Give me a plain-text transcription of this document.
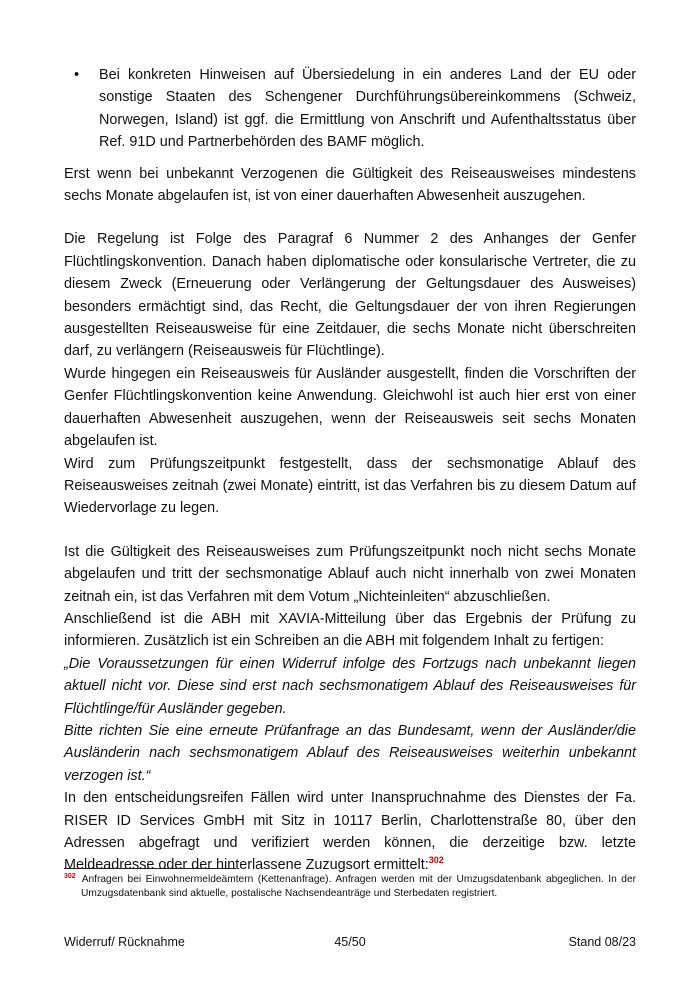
• Bei konkreten Hinweisen auf Übersiedelung in ein anderes Land der EU oder sonstige Staaten des Schengener Durchführungsübereinkommens (Schweiz, Norwegen, Island) ist ggf. die Ermittlung von Anschrift und Aufenthaltsstatus über Ref. 91D und Partnerbehörden des BAMF möglich.

Erst wenn bei unbekannt Verzogenen die Gültigkeit des Reiseausweises mindestens sechs Monate abgelaufen ist, ist von einer dauerhaften Abwesenheit auszugehen.

Die Regelung ist Folge des Paragraf 6 Nummer 2 des Anhanges der Genfer Flüchtlingskonvention. Danach haben diplomatische oder konsularische Vertreter, die zu diesem Zweck (Erneuerung oder Verlängerung der Geltungsdauer des Ausweises) besonders ermächtigt sind, das Recht, die Geltungsdauer der von ihren Regierungen ausgestellten Reiseausweise für eine Zeitdauer, die sechs Monate nicht überschreiten darf, zu verlängern (Reiseausweis für Flüchtlinge).

Wurde hingegen ein Reiseausweis für Ausländer ausgestellt, finden die Vorschriften der Genfer Flüchtlingskonvention keine Anwendung. Gleichwohl ist auch hier erst von einer dauerhaften Abwesenheit auszugehen, wenn der Reiseausweis seit sechs Monaten abgelaufen ist.

Wird zum Prüfungszeitpunkt festgestellt, dass der sechsmonatige Ablauf des Reiseausweises zeitnah (zwei Monate) eintritt, ist das Verfahren bis zu diesem Datum auf Wiedervorlage zu legen.

Ist die Gültigkeit des Reiseausweises zum Prüfungszeitpunkt noch nicht sechs Monate abgelaufen und tritt der sechsmonatige Ablauf auch nicht innerhalb von zwei Monaten zeitnah ein, ist das Verfahren mit dem Votum „Nichteinleiten“ abzuschließen.

Anschließend ist die ABH mit XAVIA-Mitteilung über das Ergebnis der Prüfung zu informieren. Zusätzlich ist ein Schreiben an die ABH mit folgendem Inhalt zu fertigen:

„Die Voraussetzungen für einen Widerruf infolge des Fortzugs nach unbekannt liegen aktuell nicht vor. Diese sind erst nach sechsmonatigem Ablauf des Reiseausweises für Flüchtlinge/für Ausländer gegeben.

Bitte richten Sie eine erneute Prüfanfrage an das Bundesamt, wenn der Ausländer/die Ausländerin nach sechsmonatigem Ablauf des Reiseausweises weiterhin unbekannt verzogen ist.“

In den entscheidungsreifen Fällen wird unter Inanspruchnahme des Dienstes der Fa. RISER ID Services GmbH mit Sitz in 10117 Berlin, Charlottenstraße 80, über den Adressen abgefragt und verifiziert werden können, die derzeitige bzw. letzte Meldeadresse oder der hinterlassene Zuzugsort ermittelt:$^{302}$

$^{302}$ Anfragen bei Einwohnermeldeämtern (Kettenanfrage). Anfragen werden mit der Umzugsdatenbank abgeglichen. In der Umzugsdatenbank sind aktuelle, postalische Nachsendeanträge und Sterbedaten registriert.
Widerruf/ Rücknahme	45/50	Stand 08/23
